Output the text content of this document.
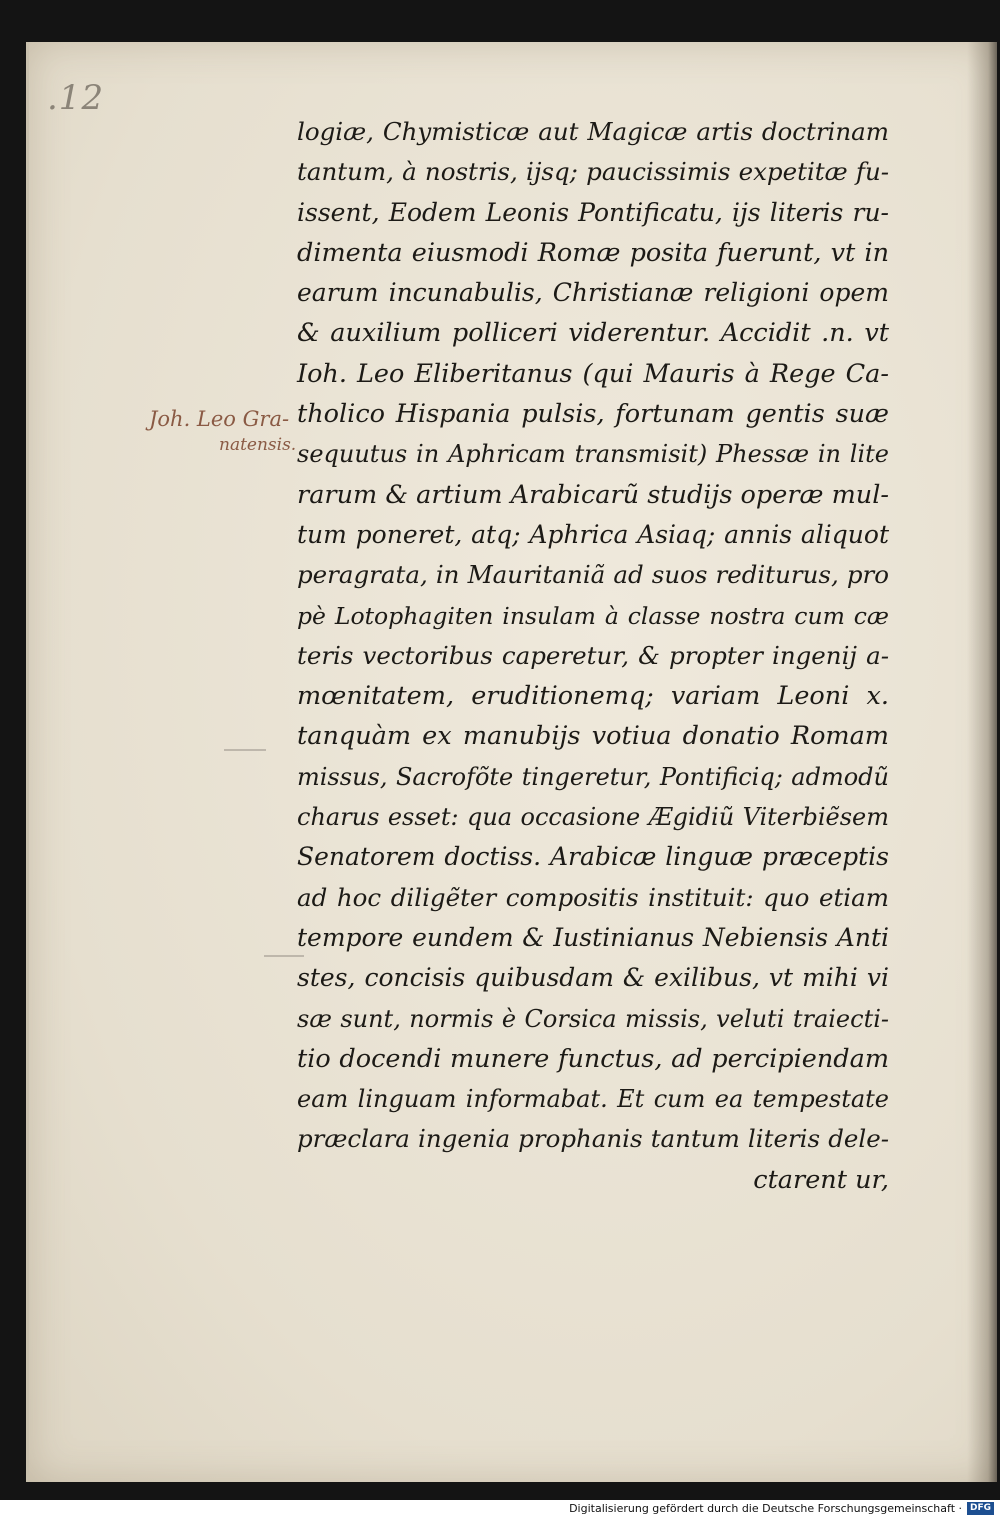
.12
Joh. Leo Gra-
natensis.
logiæ, Chymisticæ aut Magicæ artis doctrinam
tantum, à nostris, ijsq; paucissimis expetitæ fu-
issent, Eodem Leonis Pontificatu, ijs literis ru-
dimenta eiusmodi Romæ posita fuerunt, vt in
earum incunabulis, Christianæ religioni opem
& auxilium polliceri viderentur. Accidit .n. vt
Ioh. Leo Eliberitanus (qui Mauris à Rege Ca-
tholico Hispania pulsis, fortunam gentis suæ
sequutus in Aphricam transmisit) Phessæ in lite
rarum & artium Arabicarũ studijs operæ mul-
tum poneret, atq; Aphrica Asiaq; annis aliquot
peragrata, in Mauritaniã ad suos rediturus, pro
pè Lotophagiten insulam à classe nostra cum cæ
teris vectoribus caperetur, & propter ingenij a-
mœnitatem, eruditionemq; variam Leoni x.
tanquàm ex manubijs votiua donatio Romam
missus, Sacrofõte tingeretur, Pontificiq; admodũ
charus esset: qua occasione Ægidiũ Viterbiẽsem
Senatorem doctiss. Arabicæ linguæ præceptis
ad hoc diligẽter compositis instituit: quo etiam
tempore eundem & Iustinianus Nebiensis Anti
stes, concisis quibusdam & exilibus, vt mihi vi
sæ sunt, normis è Corsica missis, veluti traiecti-
tio docendi munere functus, ad percipiendam
eam linguam informabat. Et cum ea tempestate
præclara ingenia prophanis tantum literis dele-
ctarent ur,
Digitalisierung gefördert durch die Deutsche Forschungsgemeinschaft · DFG
